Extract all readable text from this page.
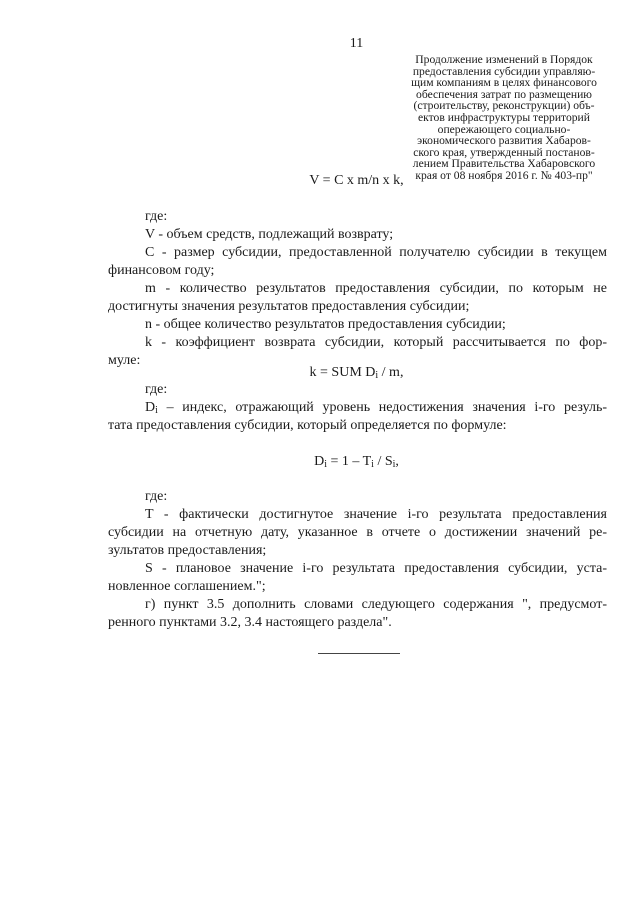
11
Продолжение изменений в Порядок
предоставления субсидии управляю-
щим компаниям в целях финансового
обеспечения затрат по размещению
(строительству, реконструкции) объ-
ектов инфраструктуры территорий
опережающего социально-
экономического развития Хабаров-
ского края, утвержденный постанов-
лением Правительства Хабаровского
края от 08 ноября 2016 г. № 403-пр"
V = C x m/n x k,
где:
V - объем средств, подлежащий возврату;
C - размер субсидии, предоставленной получателю субсидии в текущем
финансовом году;
m - количество результатов предоставления субсидии, по которым не
достигнуты значения результатов предоставления субсидии;
n - общее количество результатов предоставления субсидии;
k - коэффициент возврата субсидии, который рассчитывается по фор-
муле:
k = SUM $D_i$ / m,
где:
$D_i$ – индекс, отражающий уровень недостижения значения i-го резуль-
тата предоставления субсидии, который определяется по формуле:
$D_i = 1 - T_i / S_i$,
где:
T - фактически достигнутое значение i-го результата предоставления
субсидии на отчетную дату, указанное в отчете о достижении значений ре-
зультатов предоставления;
S - плановое значение i-го результата предоставления субсидии, уста-
новленное соглашением.";
г) пункт 3.5 дополнить словами следующего содержания ", предусмот-
ренного пунктами 3.2, 3.4 настоящего раздела".
